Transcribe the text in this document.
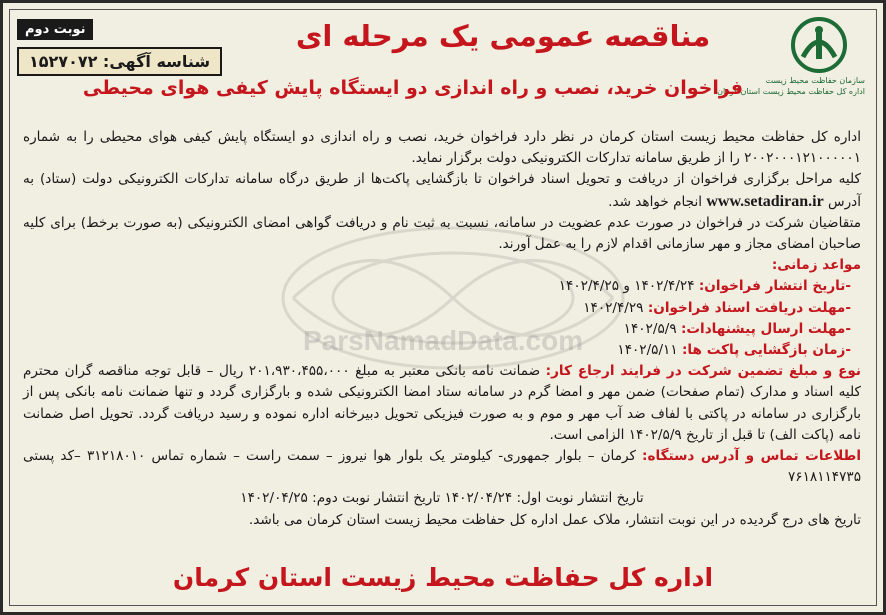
ParsNamadData.com
سازمان حفاظت محیط زیست
اداره کل حفاظت محیط زیست استان کرمان
نوبت دوم
شناسه آگهی: ۱۵۲۷۰۷۲
مناقصه عمومی یک مرحله ای
فراخوان خرید، نصب و راه اندازی دو ایستگاه پایش کیفی هوای محیطی

اداره کل حفاظت محیط زیست استان کرمان در نظر دارد فراخوان خرید، نصب و راه اندازی دو ایستگاه پایش کیفی هوای محیطی را به شماره ۲۰۰۲۰۰۰۱۲۱۰۰۰۰۰۱ را از طریق سامانه تدارکات الکترونیکی دولت برگزار نماید.

کلیه مراحل برگزاری فراخوان از دریافت و تحویل اسناد فراخوان تا بازگشایی پاکت‌ها از طریق درگاه سامانه تدارکات الکترونیکی دولت (ستاد) به آدرس www.setadiran.ir انجام خواهد شد.

متقاضیان شرکت در فراخوان در صورت عدم عضویت در سامانه، نسبت به ثبت نام و دریافت گواهی امضای الکترونیکی (به صورت برخط) برای کلیه صاحبان امضای مجاز و مهر سازمانی اقدام لازم را به عمل آورند.

مواعد زمانی:

-تاریخ انتشار فراخوان: ۱۴۰۲/۴/۲۴ و ۱۴۰۲/۴/۲۵

-مهلت دریافت اسناد فراخوان: ۱۴۰۲/۴/۲۹

-مهلت ارسال پیشنهادات: ۱۴۰۲/۵/۹

-زمان بازگشایی پاکت ها: ۱۴۰۲/۵/۱۱

نوع و مبلغ تضمین شرکت در فرایند ارجاع کار: ضمانت نامه بانکی معتبر به مبلغ ۲۰۱،۹۳۰،۴۵۵،۰۰۰ ریال – قابل توجه مناقصه گران محترم کلیه اسناد و مدارک (تمام صفحات) ضمن مهر و امضا گرم در سامانه ستاد امضا الکترونیکی شده و بارگزاری گردد و تنها ضمانت نامه بانکی پس از بارگزاری در سامانه در پاکتی با لفاف ضد آب مهر و موم و به صورت فیزیکی تحویل دبیرخانه اداره نموده و رسید دریافت گردد. تحویل اصل ضمانت نامه (پاکت الف) تا قبل از تاریخ ۱۴۰۲/۵/۹ الزامی است.

اطلاعات تماس و آدرس دستگاه: کرمان – بلوار جمهوری- کیلومتر یک بلوار هوا نیروز – سمت راست – شماره تماس ۳۱۲۱۸۰۱۰ –کد پستی ۷۶۱۸۱۱۴۷۳۵

تاریخ انتشار نوبت اول: ۱۴۰۲/۰۴/۲۴ تاریخ انتشار نوبت دوم: ۱۴۰۲/۰۴/۲۵

تاریخ های درج گردیده در این نوبت انتشار، ملاک عمل اداره کل حفاظت محیط زیست استان کرمان می باشد.

اداره کل حفاظت محیط زیست استان کرمان
